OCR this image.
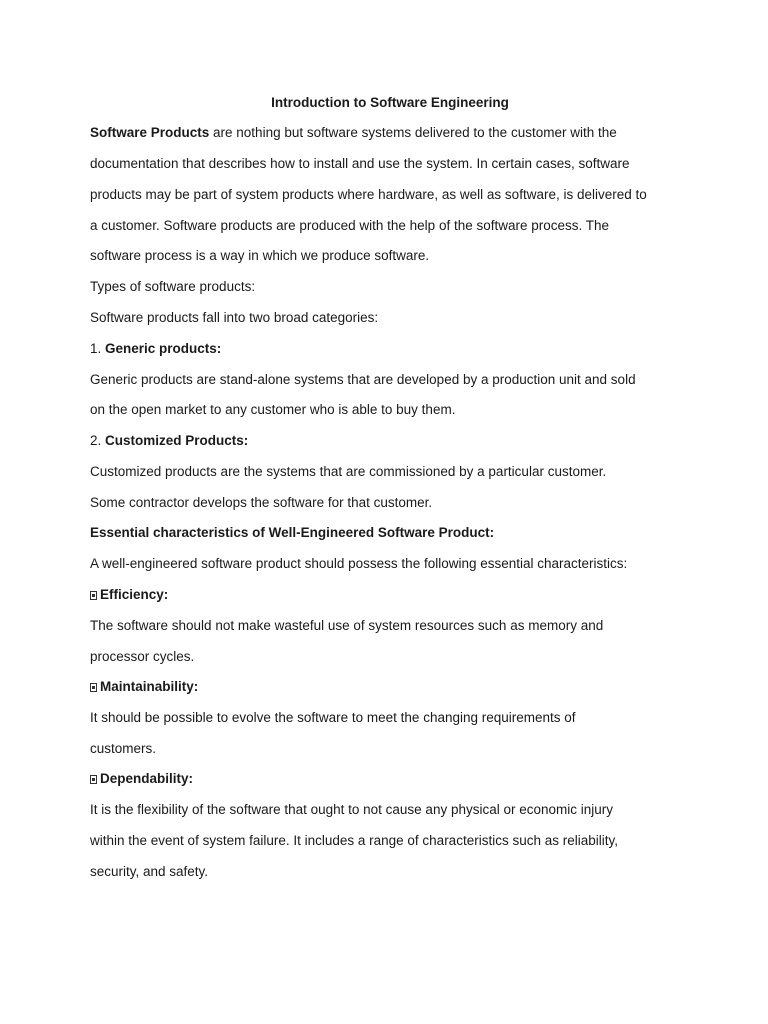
Introduction to Software Engineering
Software Products are nothing but software systems delivered to the customer with the
documentation that describes how to install and use the system. In certain cases, software
products may be part of system products where hardware, as well as software, is delivered to
a customer. Software products are produced with the help of the software process. The
software process is a way in which we produce software.
Types of software products:
Software products fall into two broad categories:
1. Generic products:
Generic products are stand-alone systems that are developed by a production unit and sold
on the open market to any customer who is able to buy them.
2. Customized Products:
Customized products are the systems that are commissioned by a particular customer.
Some contractor develops the software for that customer.
Essential characteristics of Well-Engineered Software Product:
A well-engineered software product should possess the following essential characteristics:
Efficiency:
The software should not make wasteful use of system resources such as memory and
processor cycles.
Maintainability:
It should be possible to evolve the software to meet the changing requirements of
customers.
Dependability:
It is the flexibility of the software that ought to not cause any physical or economic injury
within the event of system failure. It includes a range of characteristics such as reliability,
security, and safety.
